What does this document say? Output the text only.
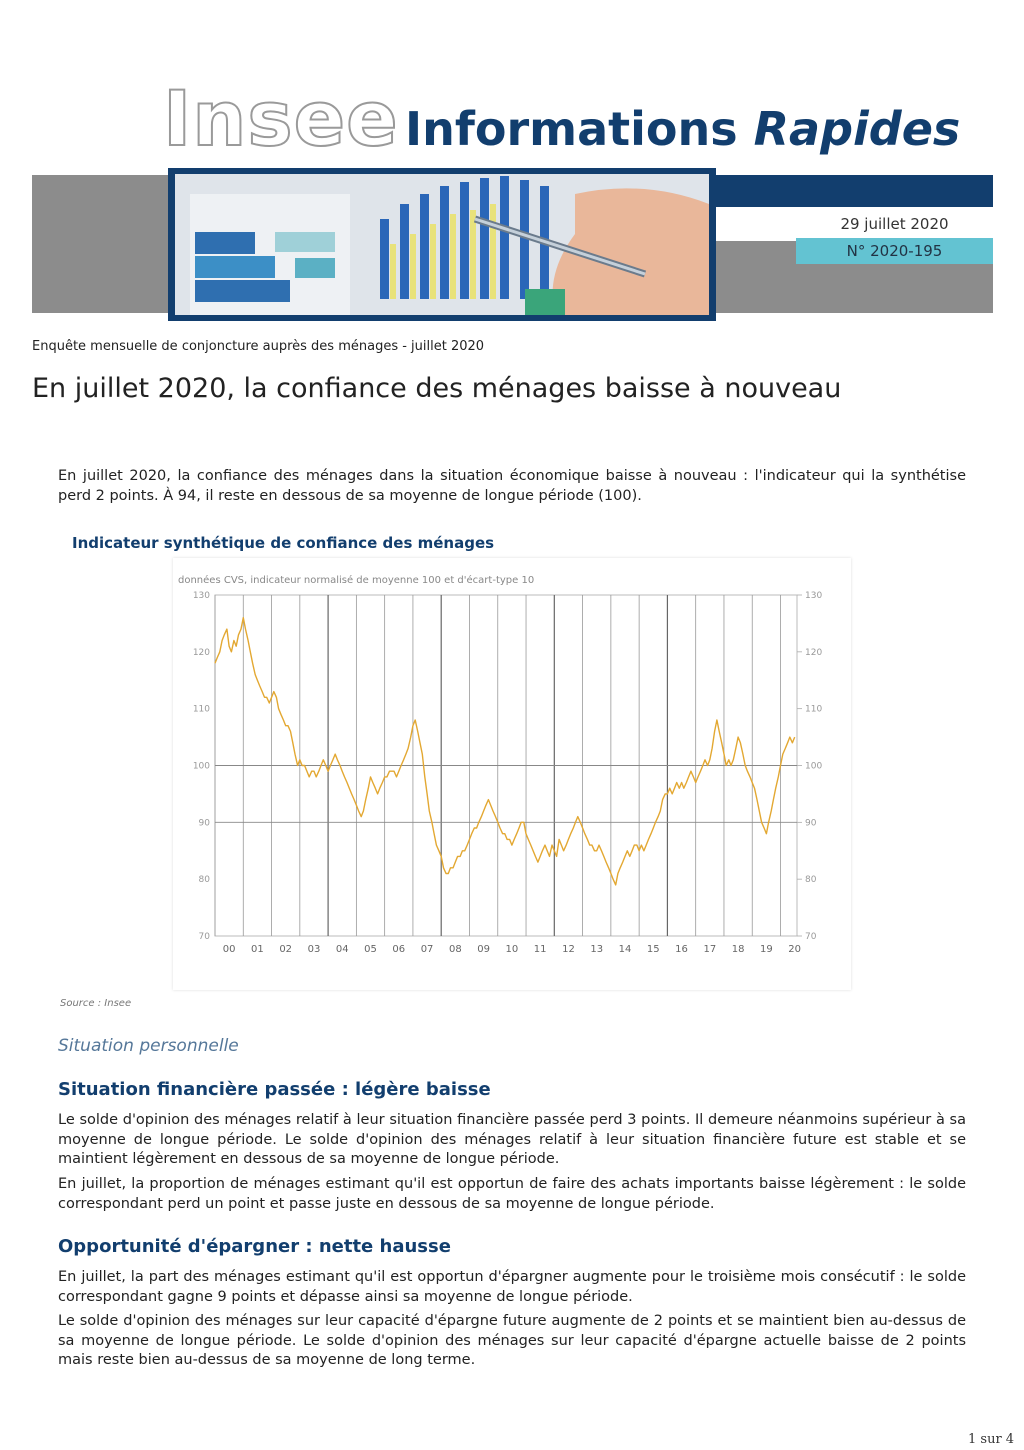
Insee Informations Rapides
29 juillet 2020
N° 2020-195
Enquête mensuelle de conjoncture auprès des ménages - juillet 2020
En juillet 2020, la confiance des ménages baisse à nouveau
En juillet 2020, la confiance des ménages dans la situation économique baisse à nouveau : l'indicateur qui la synthétise perd 2 points. À 94, il reste en dessous de sa moyenne de longue période (100).
Indicateur synthétique de confiance des ménages
données CVS, indicateur normalisé de moyenne 100 et d'écart-type 10
70	70
80	80
90	90
100	100
110	110
120	120
130	130
00 01 02 03 04 05 06 07 08 09 10 11 12 13 14 15 16 17 18 19 20
Source : Insee
Situation personnelle
Situation financière passée : légère baisse
Le solde d'opinion des ménages relatif à leur situation financière passée perd 3 points. Il demeure néanmoins supérieur à sa moyenne de longue période. Le solde d'opinion des ménages relatif à leur situation financière future est stable et se maintient légèrement en dessous de sa moyenne de longue période.
En juillet, la proportion de ménages estimant qu'il est opportun de faire des achats importants baisse légèrement : le solde correspondant perd un point et passe juste en dessous de sa moyenne de longue période.
Opportunité d'épargner : nette hausse
En juillet, la part des ménages estimant qu'il est opportun d'épargner augmente pour le troisième mois consécutif : le solde correspondant gagne 9 points et dépasse ainsi sa moyenne de longue période.
Le solde d'opinion des ménages sur leur capacité d'épargne future augmente de 2 points et se maintient bien au-dessus de sa moyenne de longue période. Le solde d'opinion des ménages sur leur capacité d'épargne actuelle baisse de 2 points mais reste bien au-dessus de sa moyenne de long terme.
1 sur 4
